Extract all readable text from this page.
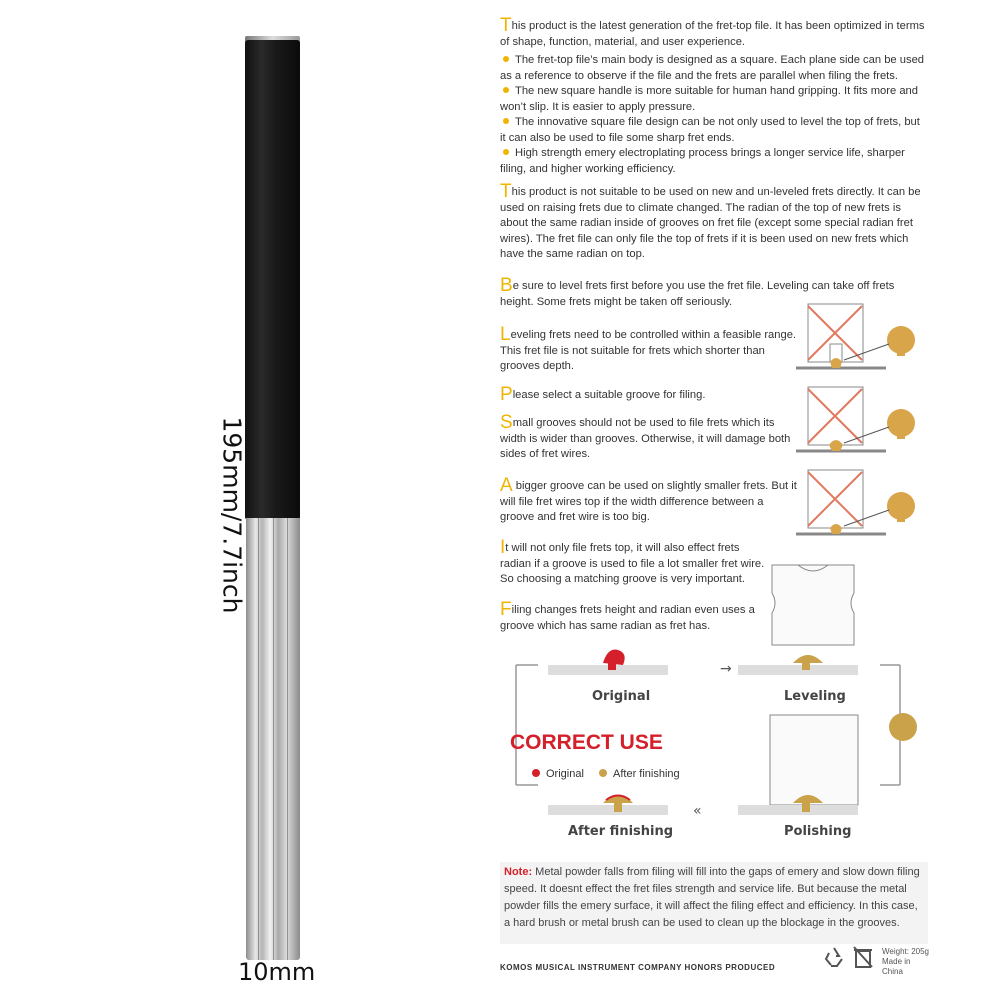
195mm/7.7inch
10mm
This product is the latest generation of the fret-top file. It has been optimized in terms of shape, function, material, and user experience.
The fret-top file’s main body is designed as a square. Each plane side can be used as a reference to observe if the file and the frets are parallel when filing the frets.
The new square handle is more suitable for human hand gripping. It fits more and won’t slip. It is easier to apply pressure.
The innovative square file design can be not only used to level the top of frets, but it can also be used to file some sharp fret ends.
High strength emery electroplating process brings a longer service life, sharper filing, and higher working efficiency.
This product is not suitable to be used on new and un-leveled frets directly. It can be used on raising frets due to climate changed. The radian of the top of new frets is about the same radian inside of grooves on fret file (except some special radian fret wires). The fret file can only file the top of frets if it is been used on new frets which have the same radian on top.
Be sure to level frets first before you use the fret file. Leveling can take off frets height. Some frets might be taken off seriously.
Leveling frets need to be controlled within a feasible range. This fret file is not suitable for frets which shorter than grooves depth.
Please select a suitable groove for filing.
Small grooves should not be used to file frets which its width is wider than grooves. Otherwise, it will damage both sides of fret wires.
A bigger groove can be used on slightly smaller frets. But it will file fret wires top if the width difference between a groove and fret wire is too big.
It will not only file frets top, it will also effect frets radian if a groove is used to file a lot smaller fret wire. So choosing a matching groove is very important.
Filing changes frets height and radian even uses a groove which has same radian as fret has.
Original
→
Leveling
CORRECT USE
Original	After finishing
«
After finishing	Polishing
Note: Metal powder falls from filing will fill into the gaps of emery and slow down filing speed. It doesnt effect the fret files strength and service life. But because the metal powder fills the emery surface, it will affect the filing effect and efficiency. In this case, a hard brush or metal brush can be used to clean up the blockage in the grooves.
KOMOS MUSICAL INSTRUMENT COMPANY HONORS PRODUCED
Weight: 205g
Made in China
